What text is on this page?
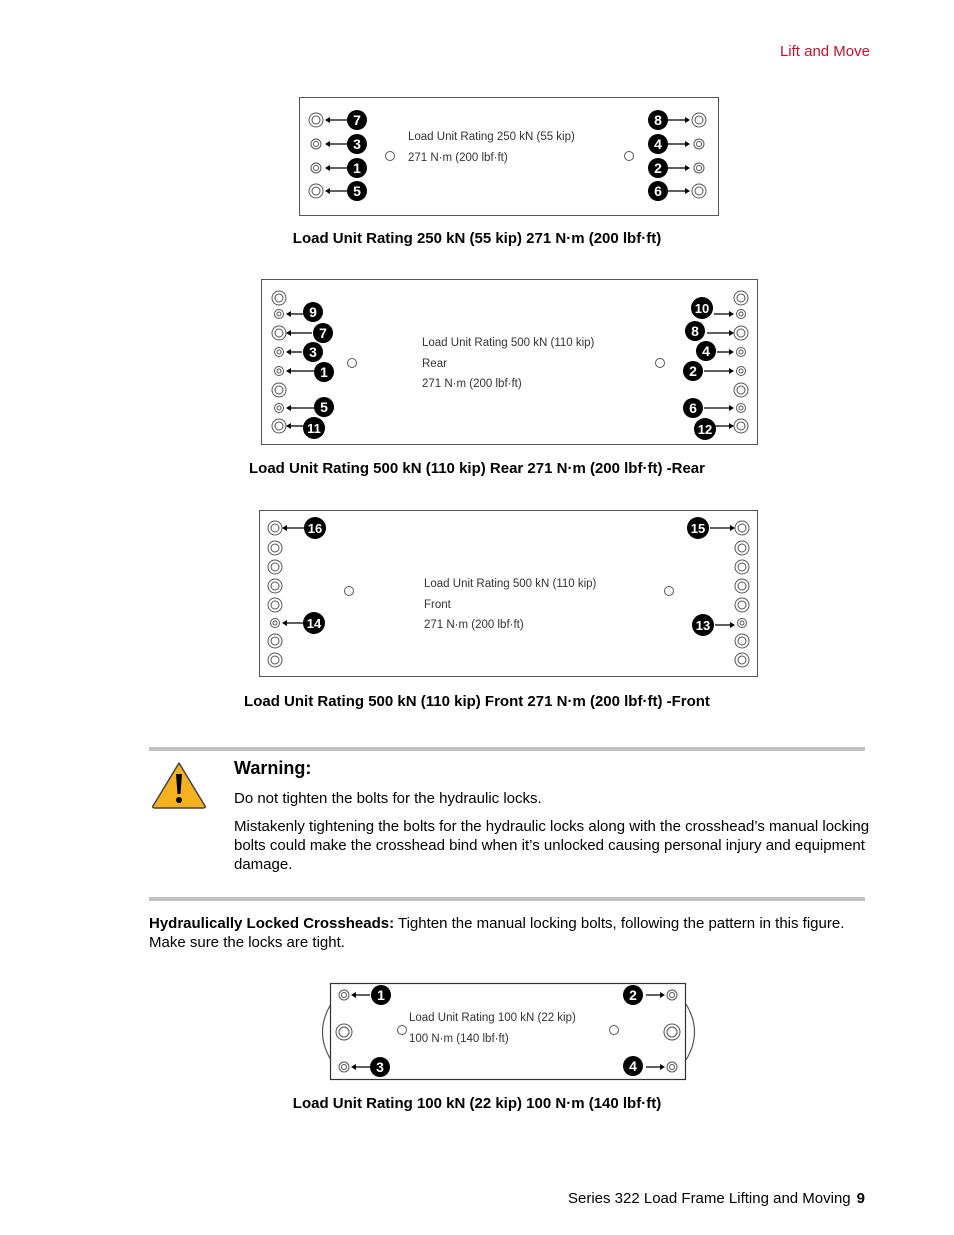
Lift and Move
7
3
1
5
8
4
2
6
Load Unit Rating 250 kN (55 kip)
271 N·m (200 lbf·ft)
Load Unit Rating 250 kN (55 kip) 271 N·m (200 lbf·ft)
9
7
3
1
5
11
10
8
4
2
6
12
Load Unit Rating 500 kN (110 kip)
Rear
271 N·m (200 lbf·ft)
Load Unit Rating 500 kN (110 kip) Rear 271 N·m (200 lbf·ft) -Rear
16
14
15
13
Load Unit Rating 500 kN (110 kip)
Front
271 N·m (200 lbf·ft)
Load Unit Rating 500 kN (110 kip) Front 271 N·m (200 lbf·ft) -Front
Warning:
Do not tighten the bolts for the hydraulic locks.
Mistakenly tightening the bolts for the hydraulic locks along with the crosshead’s manual locking bolts could make the crosshead bind when it’s unlocked causing personal injury and equipment damage.
Hydraulically Locked Crossheads: Tighten the manual locking bolts, following the pattern in this figure. Make sure the locks are tight.
1
3
2
4
Load Unit Rating 100 kN (22 kip)
100 N·m (140 lbf·ft)
Load Unit Rating 100 kN (22 kip) 100 N·m (140 lbf·ft)
Series 322 Load Frame Lifting and Moving 9
